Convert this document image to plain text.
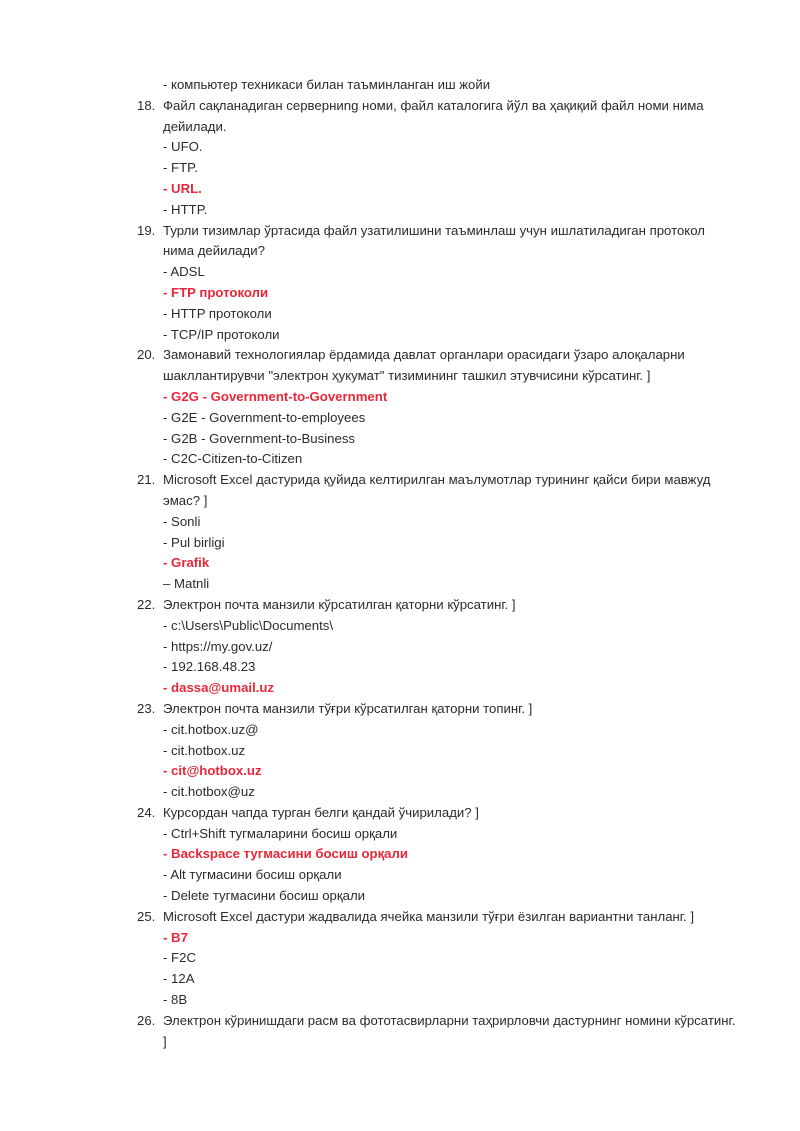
- компьютер техникаси билан таъминланган иш жойи
18. Файл сақланадиган серверниng номи, файл каталогига йўл ва ҳақиқий файл номи нима дейилади.
- UFO.
- FTP.
- URL.
- HTTP.
19. Турли тизимлар ўртасида файл узатилишини таъминлаш учун ишлатиладиган протокол нима дейилади?
- ADSL
- FTP протоколи
- HTTP протоколи
- TCP/IP протоколи
20. Замонавий технологиялар ёрдамида давлат органлари орасидаги ўзаро алоқаларни шакллантирувчи "электрон ҳукумат" тизимининг ташкил этувчисини кўрсатинг. ]
- G2G - Government-to-Government
- G2E - Government-to-employees
- G2B - Government-to-Business
- C2C-Citizen-to-Citizen
21. Microsoft Excel дастурида қуйида келтирилган маълумотлар турининг қайси бири мавжуд эмас? ]
- Sonli
- Pul birligi
- Grafik
– Matnli
22. Электрон почта манзили кўрсатилган қаторни кўрсатинг. ]
- c:\Users\Public\Documents\
- https://my.gov.uz/
- 192.168.48.23
- dassa@umail.uz
23. Электрон почта манзили тўғри кўрсатилган қаторни топинг. ]
- cit.hotbox.uz@
- cit.hotbox.uz
- cit@hotbox.uz
- cit.hotbox@uz
24. Курсордан чапда турган белги қандай ўчирилади? ]
- Ctrl+Shift тугмаларини босиш орқали
- Backspace тугмасини босиш орқали
- Alt тугмасини босиш орқали
- Delete тугмасини босиш орқали
25. Microsoft Excel дастури жадвалида ячейка манзили тўғри ёзилган вариантни танланг. ]
- B7
- F2C
- 12A
- 8B
26. Электрон кўринишдаги расм ва фототасвирларни таҳрирловчи дастурнинг номини кўрсатинг. ]
